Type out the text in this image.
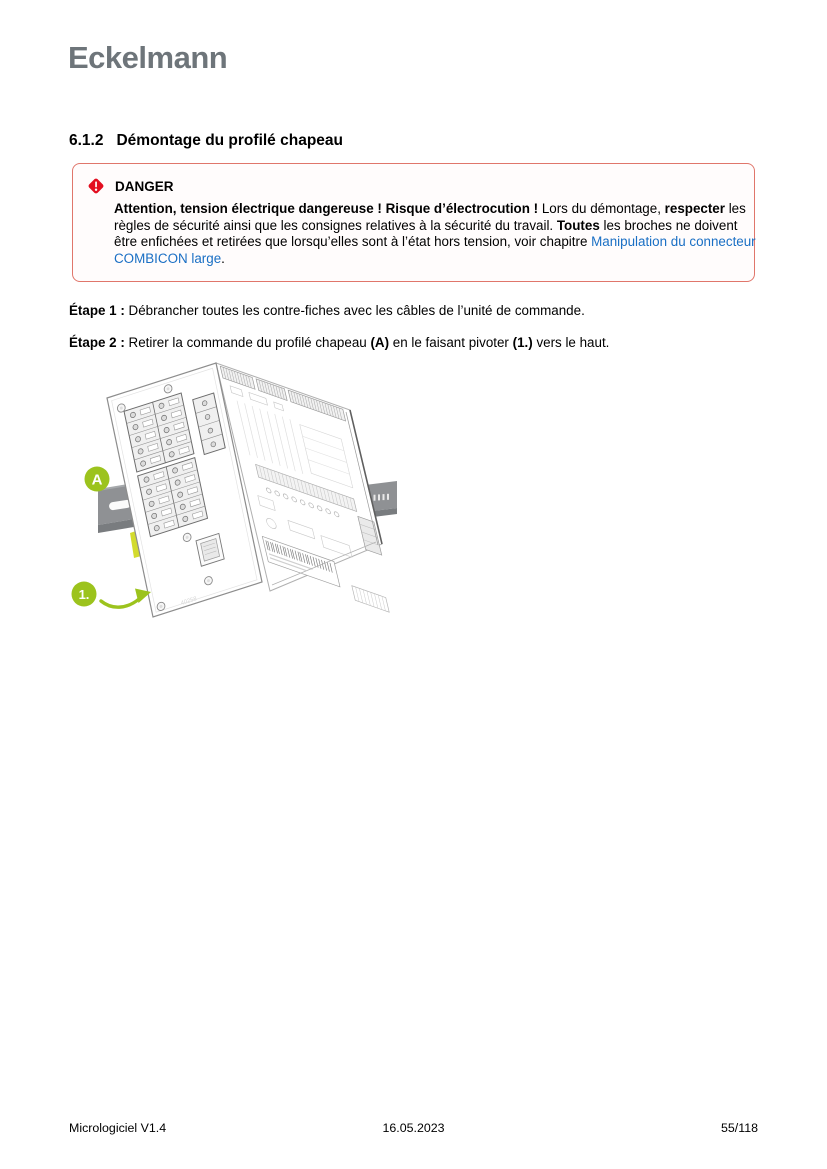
Eckelmann
6.1.2 Démontage du profilé chapeau
DANGER

Attention, tension électrique dangereuse ! Risque d’électrocution ! Lors du démontage, respecter les règles de sécurité ainsi que les consignes relatives à la sécurité du travail. Toutes les broches ne doivent être enfichées et retirées que lorsqu’elles sont à l’état hors tension, voir chapitre Manipulation du connecteur COMBICON large.

Étape 1 : Débrancher toutes les contre-fiches avec les câbles de l’unité de commande.

Étape 2 : Retirer la commande du profilé chapeau (A) en le faisant pivoter (1.) vers le haut.

40258
A
1.
Micrologiciel V1.4	16.05.2023	55/118
